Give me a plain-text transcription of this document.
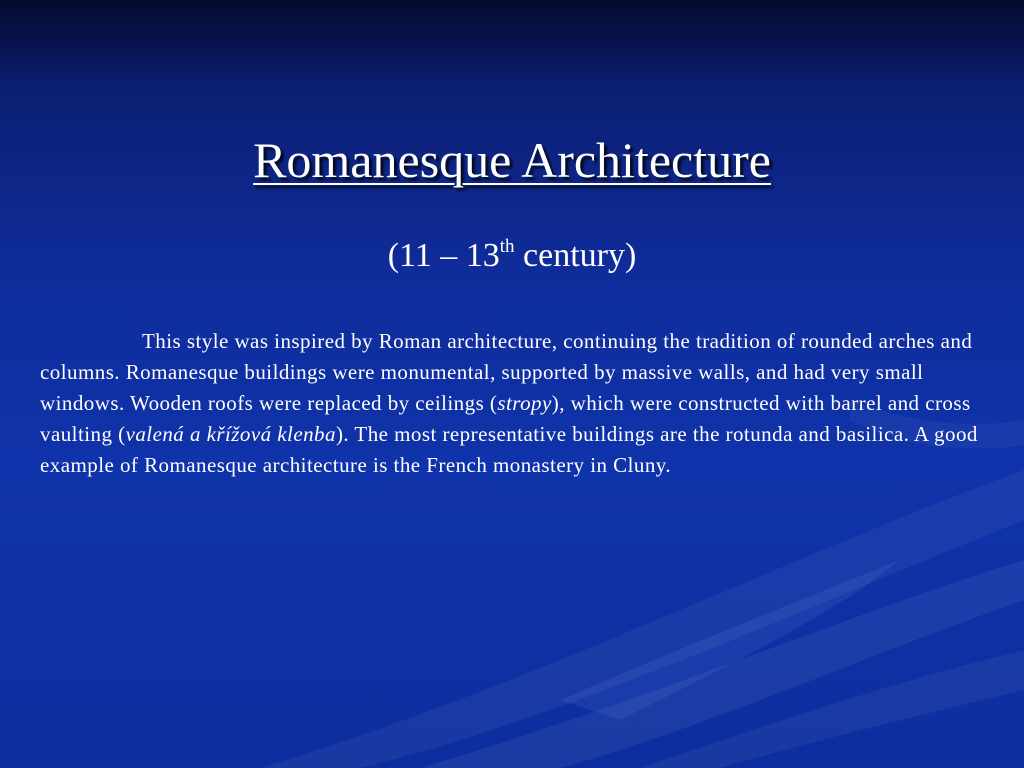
Romanesque Architecture

(11 – 13th century)

This style was inspired by Roman architecture, continuing the tradition of rounded arches and columns. Romanesque buildings were monumental, supported by massive walls, and had very small windows. Wooden roofs were replaced by ceilings (stropy), which were constructed with barrel and cross vaulting (valená a křížová klenba). The most representative buildings are the rotunda and basilica. A good example of Romanesque architecture is the French monastery in Cluny.
